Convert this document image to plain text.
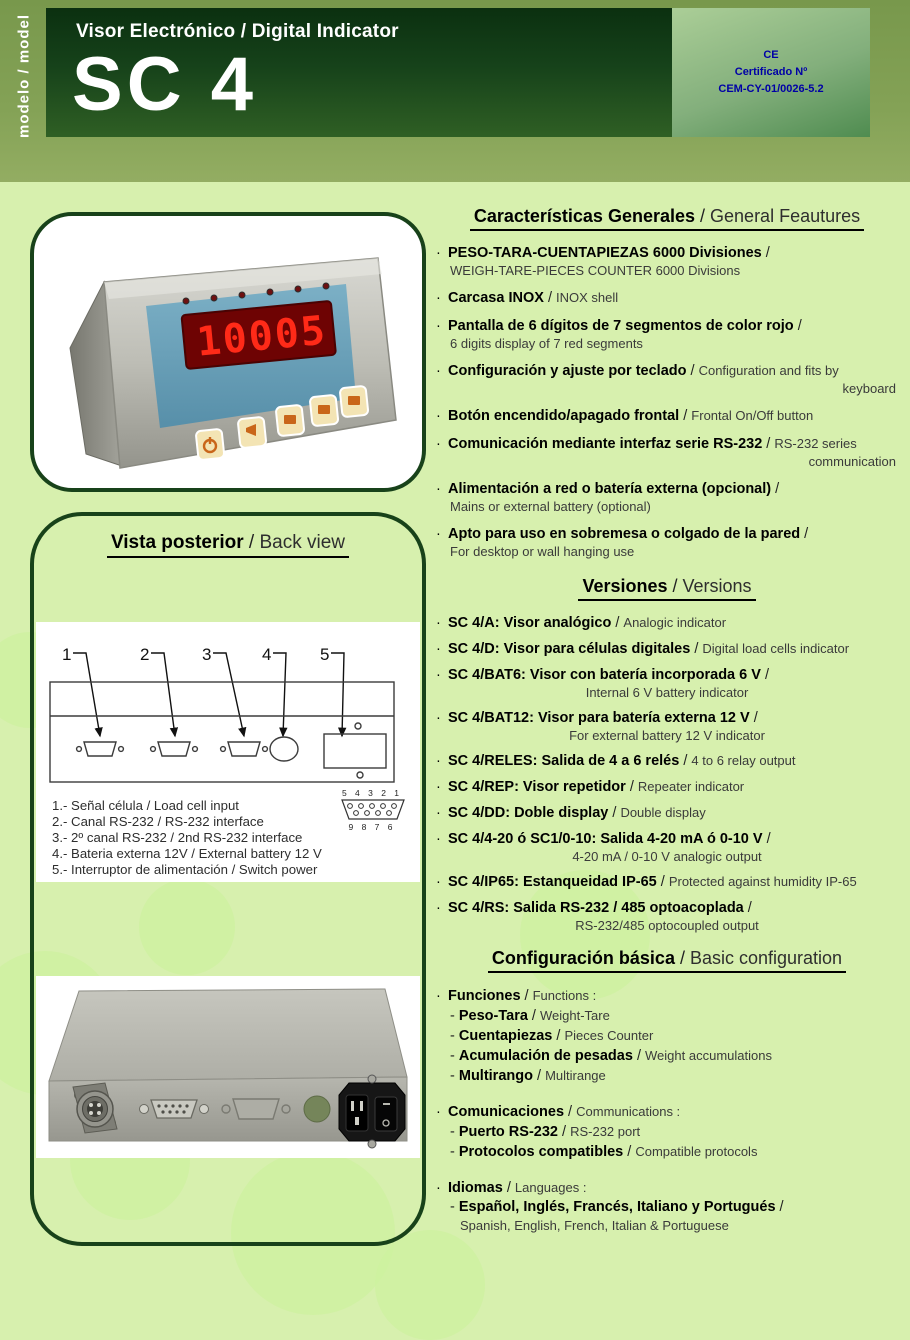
modelo / model	Visor Electrónico / Digital Indicator
SC 4	CE
Certificado Nº
CEM-CY-01/0026-5.2
10005
Vista posterior / Back view
1	2	3	4	5
1.- Señal célula / Load cell input
2.- Canal RS-232 / RS-232 interface
3.- 2º canal RS-232 / 2nd RS-232 interface
4.- Bateria externa 12V / External battery 12 V
5.- Interruptor de alimentación / Switch power
5 4 3 2 1
9 8 7 6
Características Generales / General Feautures
· PESO-TARA-CUENTAPIEZAS 6000 Divisiones /
WEIGH-TARE-PIECES COUNTER 6000 Divisions
· Carcasa INOX / INOX shell
· Pantalla de 6 dígitos de 7 segmentos de color rojo /
6 digits display of 7 red segments
· Configuración y ajuste por teclado / Configuration and fits by
keyboard
· Botón encendido/apagado frontal / Frontal On/Off button
· Comunicación mediante interfaz serie RS-232 / RS-232 series
communication
· Alimentación a red o batería externa (opcional) /
Mains or external battery (optional)
· Apto para uso en sobremesa o colgado de la pared /
For desktop or wall hanging use
Versiones / Versions
· SC 4/A: Visor analógico / Analogic indicator
· SC 4/D: Visor para células digitales / Digital load cells indicator
· SC 4/BAT6: Visor con batería incorporada 6 V /
Internal 6 V battery indicator
· SC 4/BAT12: Visor para batería externa 12 V /
For external battery 12 V indicator
· SC 4/RELES: Salida de 4 a 6 relés / 4 to 6 relay output
· SC 4/REP: Visor repetidor / Repeater indicator
· SC 4/DD: Doble display / Double display
· SC 4/4-20 ó SC1/0-10: Salida 4-20 mA ó 0-10 V /
4-20 mA / 0-10 V analogic output
· SC 4/IP65: Estanqueidad IP-65 / Protected against humidity IP-65
· SC 4/RS: Salida RS-232 / 485 optoacoplada /
RS-232/485 optocoupled output
Configuración básica / Basic configuration
· Funciones / Functions :
- Peso-Tara / Weight-Tare
- Cuentapiezas / Pieces Counter
- Acumulación de pesadas / Weight accumulations
- Multirango / Multirange
· Comunicaciones / Communications :
- Puerto RS-232 / RS-232 port
- Protocolos compatibles / Compatible protocols
· Idiomas / Languages :
- Español, Inglés, Francés, Italiano y Portugués /
Spanish, English, French, Italian & Portuguese
